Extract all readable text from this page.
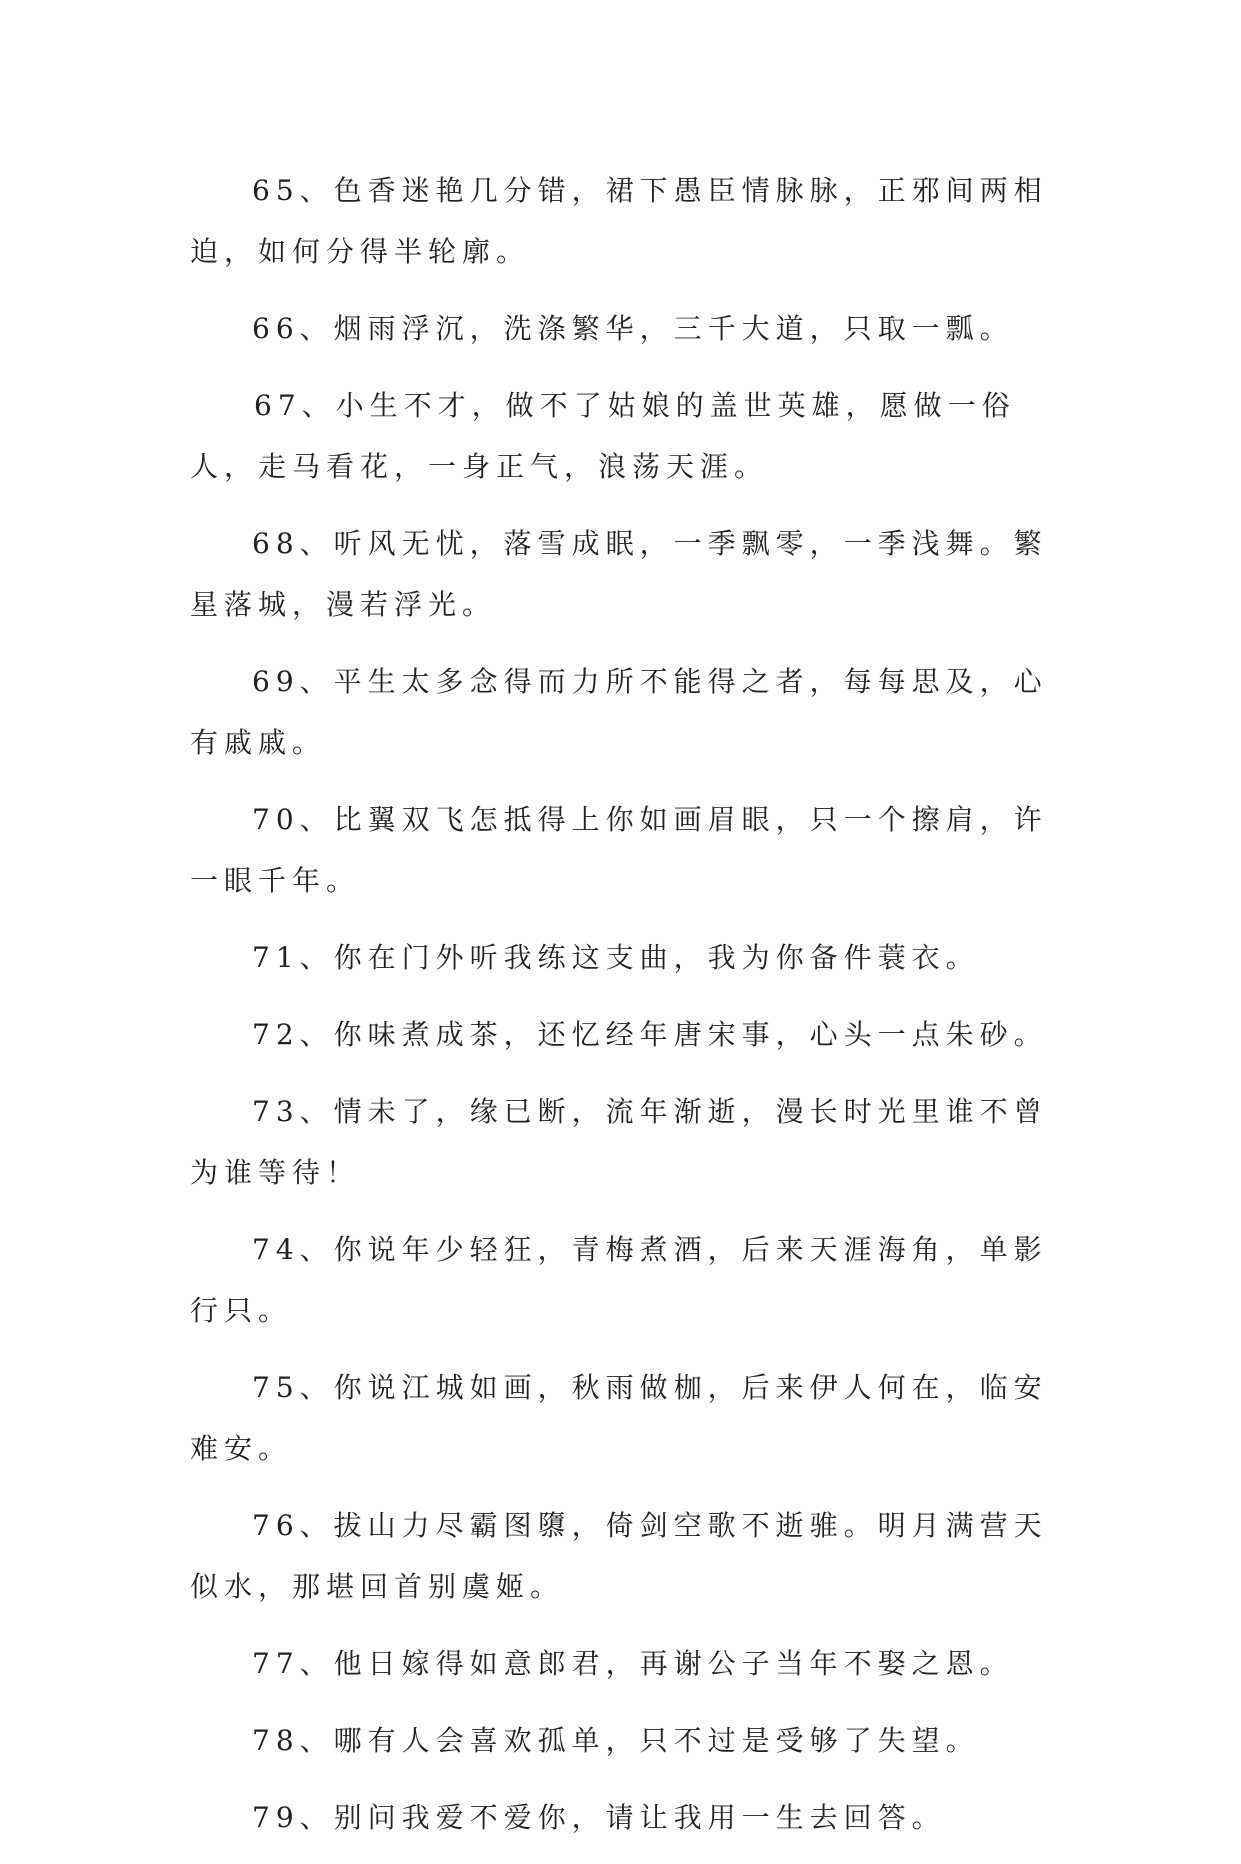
65、色香迷艳几分错，裙下愚臣情脉脉，正邪间两相迫，如何分得半轮廓。

66、烟雨浮沉，洗涤繁华，三千大道，只取一瓢。

67、小生不才，做不了姑娘的盖世英雄，愿做一俗人，走马看花，一身正气，浪荡天涯。

68、听风无忧，落雪成眠，一季飘零，一季浅舞。繁星落城，漫若浮光。

69、平生太多念得而力所不能得之者，每每思及，心有戚戚。

70、比翼双飞怎抵得上你如画眉眼，只一个擦肩，许一眼千年。

71、你在门外听我练这支曲，我为你备件蓑衣。

72、你味煮成茶，还忆经年唐宋事，心头一点朱砂。

73、情未了，缘已断，流年渐逝，漫长时光里谁不曾为谁等待！

74、你说年少轻狂，青梅煮酒，后来天涯海角，单影行只。

75、你说江城如画，秋雨做枷，后来伊人何在，临安难安。

76、拔山力尽霸图隳，倚剑空歌不逝骓。明月满营天似水，那堪回首别虞姬。

77、他日嫁得如意郎君，再谢公子当年不娶之恩。

78、哪有人会喜欢孤单，只不过是受够了失望。

79、别问我爱不爱你，请让我用一生去回答。
